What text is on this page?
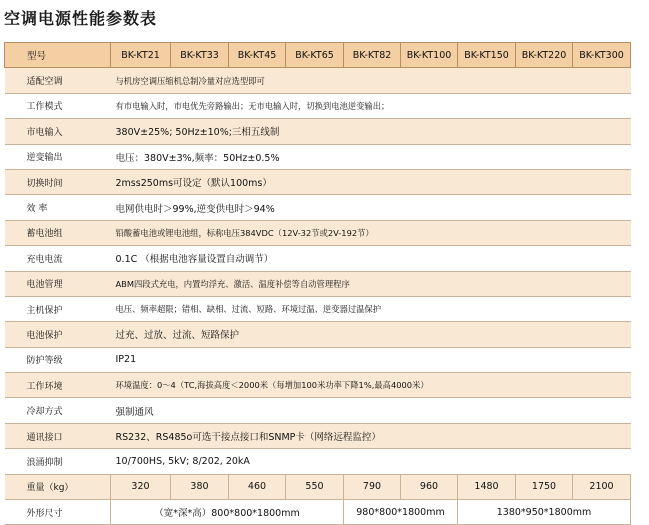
空调电源性能参数表
型号	BK-KT21	BK-KT33	BK-KT45	BK-KT65	BK-KT82	BK-KT100	BK-KT150	BK-KT220	BK-KT300
适配空调	与机房空调压缩机总制冷量对应选型即可								
工作模式	有市电输入时，市电优先旁路输出；无市电输入时，切换到电池逆变输出；								
市电输入	380V±25%; 50Hz±10%;三相五线制								
逆变输出	电压：380V±3%,频率：50Hz±0.5%								
切换时间	2mss250ms可设定（默认100ms）								
效 率	电网供电时＞99%,逆变供电时＞94%								
蓄电池组	铅酸蓄电池或锂电池组，标称电压384VDC（12V-32节或2V-192节）								
充电电流	0.1C （根据电池容量设置自动调节）								
电池管理	ABM四段式充电，内置均浮充、激活、温度补偿等自动管理程序								
主机保护	电压、频率超限；错相、缺相、过流、短路、环境过温、逆变器过温保护								
电池保护	过充、过放、过流、短路保护								
防护等级	IP21								
工作环境	环境温度：0～4（TC,海拔高度＜2000米（每增加100米功率下降1%,最高4000米）								
冷却方式	强制通风								
通讯接口	RS232、RS485o可选干接点接口和SNMP卡（网络远程监控）								
浪涌抑制	10/700HS, 5kV; 8/202, 20kA								
重量（kg）	320	380	460	550	790	960	1480	1750	2100
外形尺寸	（宽*深*高）800*800*1800mm				980*800*1800mm		1380*950*1800mm		
